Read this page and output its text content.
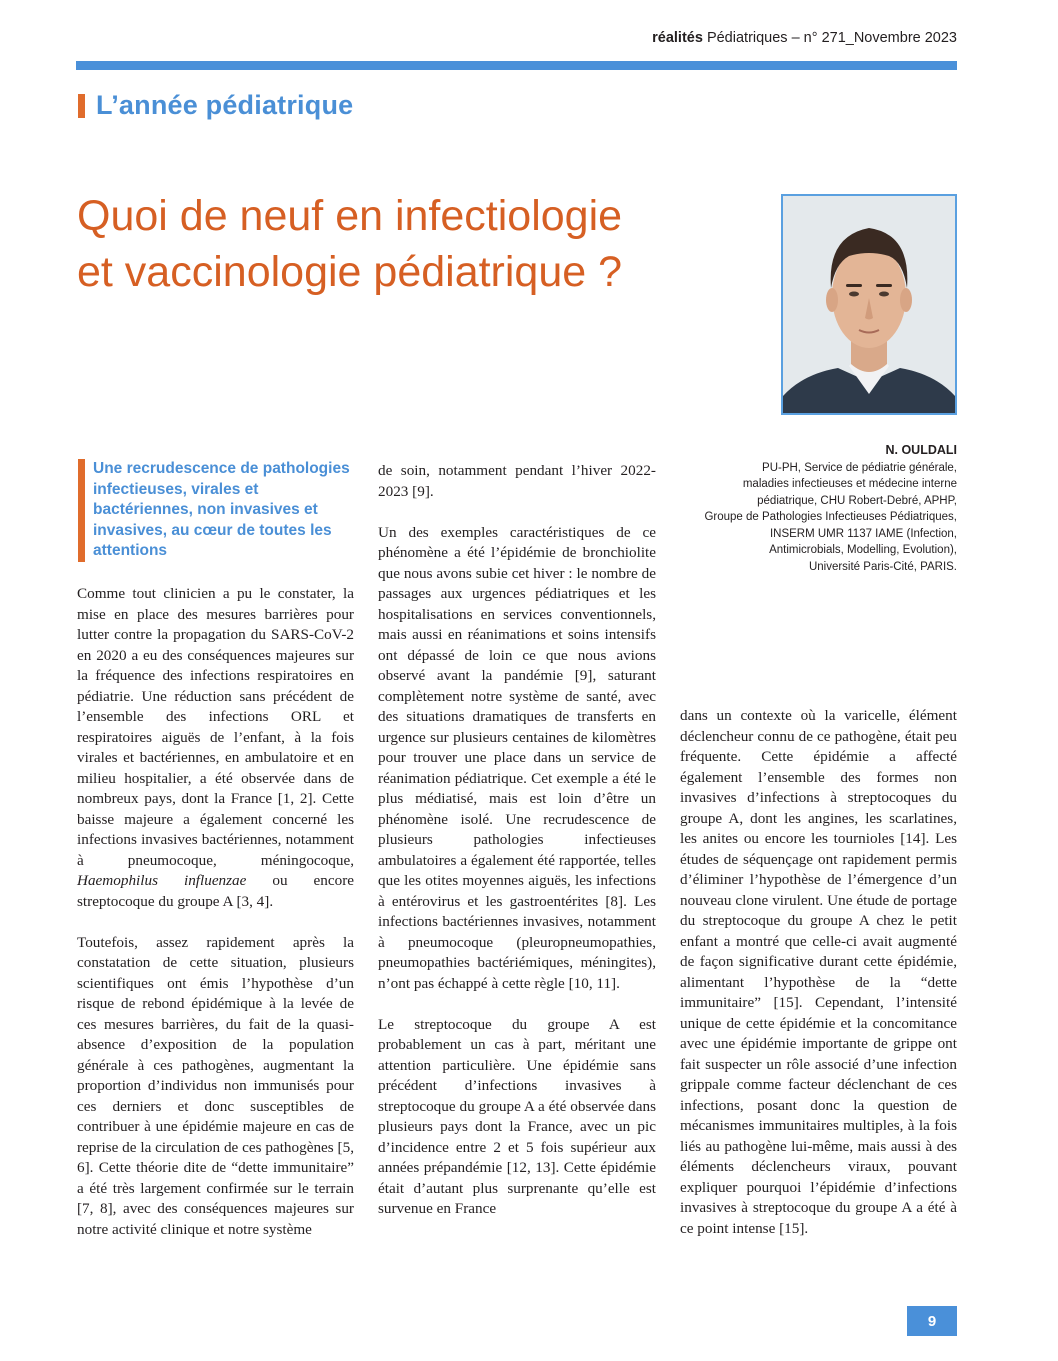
réalités Pédiatriques – n° 271_Novembre 2023
L’année pédiatrique
Quoi de neuf en infectiologie
et vaccinologie pédiatrique ?
N. OULDALI
PU-PH, Service de pédiatrie générale,
maladies infectieuses et médecine interne
pédiatrique, CHU Robert-Debré, APHP,
Groupe de Pathologies Infectieuses Pédiatriques,
INSERM UMR 1137 IAME (Infection,
Antimicrobials, Modelling, Evolution),
Université Paris-Cité, PARIS.
Une recrudescence de pathologies infectieuses, virales et bactériennes, non invasives et invasives, au cœur de toutes les attentions

Comme tout clinicien a pu le constater, la mise en place des mesures barrières pour lutter contre la propagation du SARS-CoV-2 en 2020 a eu des conséquences majeures sur la fréquence des infections respiratoires en pédiatrie. Une réduction sans précédent de l’ensemble des infections ORL et respiratoires aiguës de l’enfant, à la fois virales et bactériennes, en ambulatoire et en milieu hospitalier, a été observée dans de nombreux pays, dont la France [1, 2]. Cette baisse majeure a également concerné les infections invasives bactériennes, notamment à pneumocoque, méningocoque, Haemophilus influenzae ou encore streptocoque du groupe A [3, 4].

Toutefois, assez rapidement après la constatation de cette situation, plusieurs scientifiques ont émis l’hypothèse d’un risque de rebond épidémique à la levée de ces mesures barrières, du fait de la quasi-absence d’exposition de la population générale à ces pathogènes, augmentant la proportion d’individus non immunisés pour ces derniers et donc susceptibles de contribuer à une épidémie majeure en cas de reprise de la circulation de ces pathogènes [5, 6]. Cette théorie dite de “dette immunitaire” a été très largement confirmée sur le terrain [7, 8], avec des conséquences majeures sur notre activité clinique et notre système

de soin, notamment pendant l’hiver 2022-2023 [9].

Un des exemples caractéristiques de ce phénomène a été l’épidémie de bronchiolite que nous avons subie cet hiver : le nombre de passages aux urgences pédiatriques et les hospitalisations en services conventionnels, mais aussi en réanimations et soins intensifs ont dépassé de loin ce que nous avions observé avant la pandémie [9], saturant complètement notre système de santé, avec des situations dramatiques de transferts en urgence sur plusieurs centaines de kilomètres pour trouver une place dans un service de réanimation pédiatrique. Cet exemple a été le plus médiatisé, mais est loin d’être un phénomène isolé. Une recrudescence de plusieurs pathologies infectieuses ambulatoires a également été rapportée, telles que les otites moyennes aiguës, les infections à entérovirus et les gastroentérites [8]. Les infections bactériennes invasives, notamment à pneumocoque (pleuropneumopathies, pneumopathies bactériémiques, méningites), n’ont pas échappé à cette règle [10, 11].

Le streptocoque du groupe A est probablement un cas à part, méritant une attention particulière. Une épidémie sans précédent d’infections invasives à streptocoque du groupe A a été observée dans plusieurs pays dont la France, avec un pic d’incidence entre 2 et 5 fois supérieur aux années prépandémie [12, 13]. Cette épidémie était d’autant plus surprenante qu’elle est survenue en France

dans un contexte où la varicelle, élément déclencheur connu de ce pathogène, était peu fréquente. Cette épidémie a affecté également l’ensemble des formes non invasives d’infections à streptocoques du groupe A, dont les angines, les scarlatines, les anites ou encore les tournioles [14]. Les études de séquençage ont rapidement permis d’éliminer l’hypothèse de l’émergence d’un nouveau clone virulent. Une étude de portage du streptocoque du groupe A chez le petit enfant a montré que celle-ci avait augmenté de façon significative durant cette épidémie, alimentant l’hypothèse de la “dette immunitaire” [15]. Cependant, l’intensité unique de cette épidémie et la concomitance avec une épidémie importante de grippe ont fait suspecter un rôle associé d’une infection grippale comme facteur déclenchant de ces infections, posant donc la question de mécanismes immunitaires multiples, à la fois liés au pathogène lui-même, mais aussi à des éléments déclencheurs viraux, pouvant expliquer pourquoi l’épidémie d’infections invasives à streptocoque du groupe A a été à ce point intense [15].

9
